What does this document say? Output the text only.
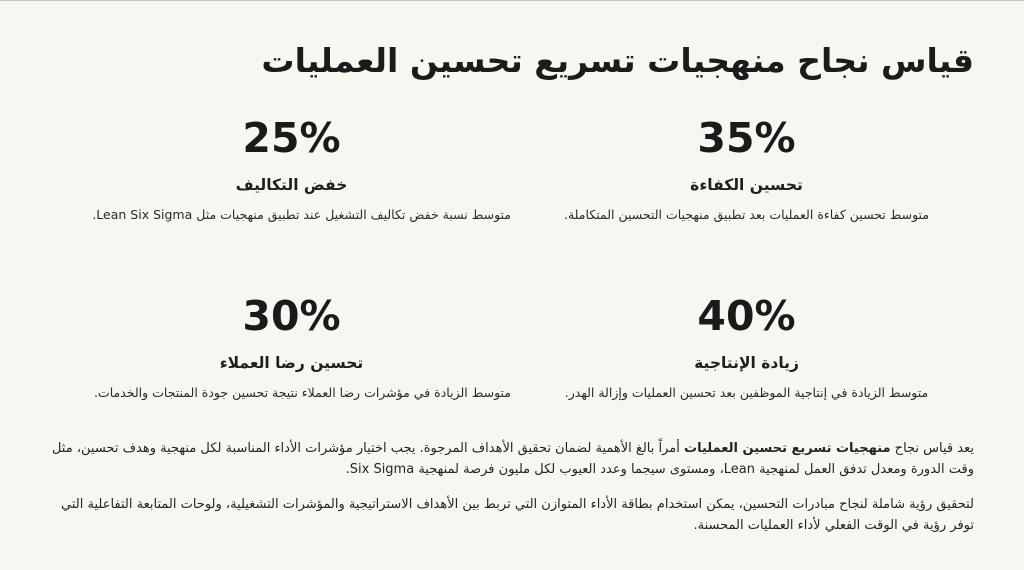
قياس نجاح منهجيات تسريع تحسين العمليات
35%
تحسين الكفاءة
متوسط تحسين كفاءة العمليات بعد تطبيق منهجيات التحسين المتكاملة.
25%
خفض التكاليف
متوسط نسبة خفض تكاليف التشغيل عند تطبيق منهجيات مثل Lean Six Sigma.
40%
زيادة الإنتاجية
متوسط الزيادة في إنتاجية الموظفين بعد تحسين العمليات وإزالة الهدر.
30%
تحسين رضا العملاء
متوسط الزيادة في مؤشرات رضا العملاء نتيجة تحسين جودة المنتجات والخدمات.

يعد قياس نجاح منهجيات تسريع تحسين العمليات أمراً بالغ الأهمية لضمان تحقيق الأهداف المرجوة. يجب اختيار مؤشرات الأداء المناسبة لكل منهجية وهدف تحسين، مثل وقت الدورة ومعدل تدفق العمل لمنهجية Lean، ومستوى سيجما وعدد العيوب لكل مليون فرصة لمنهجية Six Sigma.

لتحقيق رؤية شاملة لنجاح مبادرات التحسين، يمكن استخدام بطاقة الأداء المتوازن التي تربط بين الأهداف الاستراتيجية والمؤشرات التشغيلية، ولوحات المتابعة التفاعلية التي توفر رؤية في الوقت الفعلي لأداء العمليات المحسنة.
